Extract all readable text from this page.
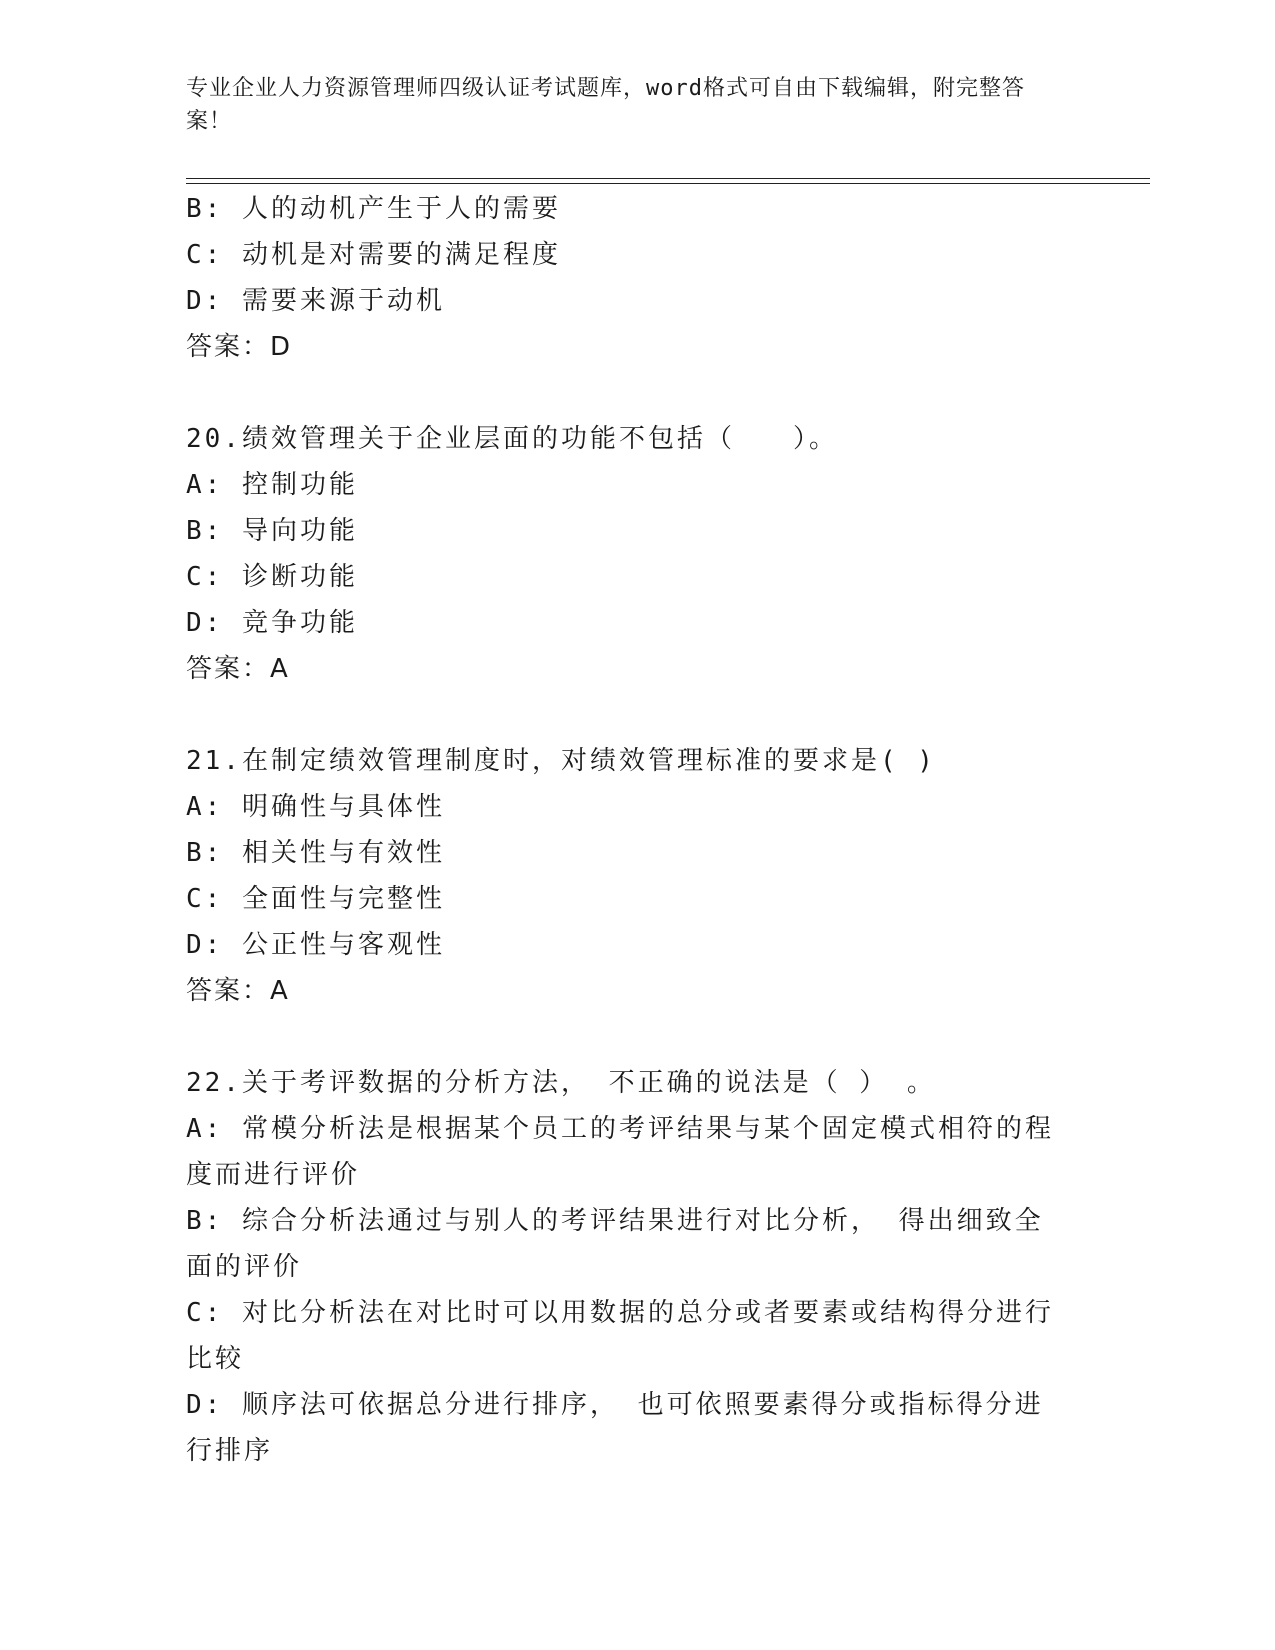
专业企业人力资源管理师四级认证考试题库，word格式可自由下载编辑，附完整答案！

B: 人的动机产生于人的需要

C: 动机是对需要的满足程度

D: 需要来源于动机

答案：D

20.绩效管理关于企业层面的功能不包括（　　）。

A: 控制功能

B: 导向功能

C: 诊断功能

D: 竞争功能

答案：A

21.在制定绩效管理制度时，对绩效管理标准的要求是( )

A: 明确性与具体性

B: 相关性与有效性

C: 全面性与完整性

D: 公正性与客观性

答案：A

22.关于考评数据的分析方法， 不正确的说法是（ ） 。

A: 常模分析法是根据某个员工的考评结果与某个固定模式相符的程度而进行评价

B: 综合分析法通过与别人的考评结果进行对比分析， 得出细致全面的评价

C: 对比分析法在对比时可以用数据的总分或者要素或结构得分进行比较

D: 顺序法可依据总分进行排序， 也可依照要素得分或指标得分进行排序
